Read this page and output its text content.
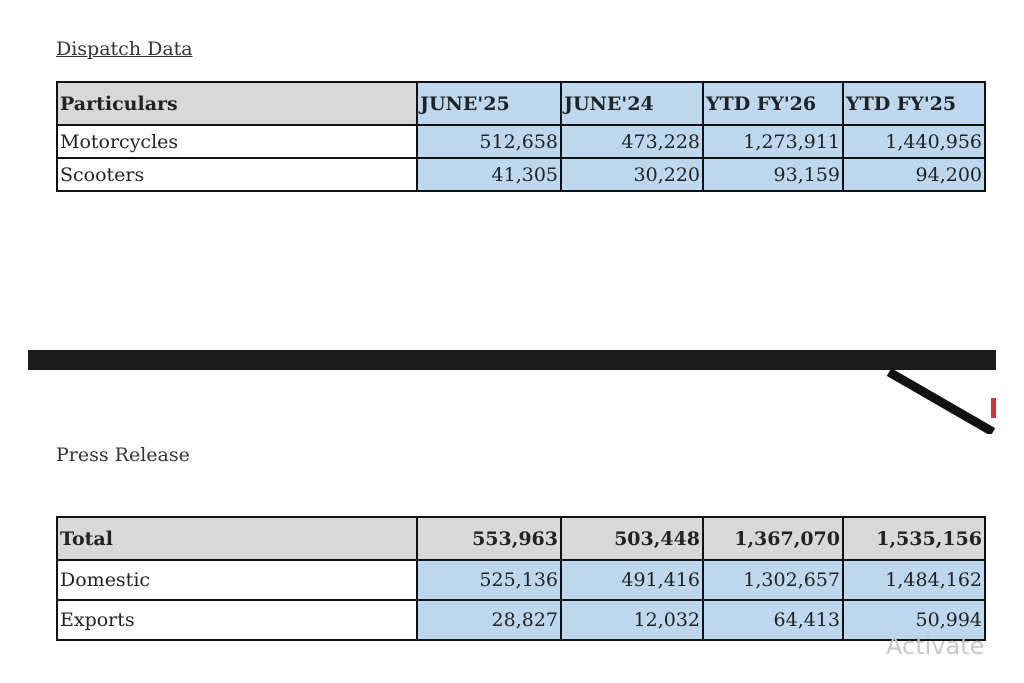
Dispatch Data
Particulars	JUNE'25	JUNE'24	YTD FY'26	YTD FY'25
Motorcycles	512,658	473,228	1,273,911	1,440,956
Scooters	41,305	30,220	93,159	94,200
Press Release
Total	553,963	503,448	1,367,070	1,535,156
Domestic	525,136	491,416	1,302,657	1,484,162
Exports	28,827	12,032	64,413	50,994
Activate
